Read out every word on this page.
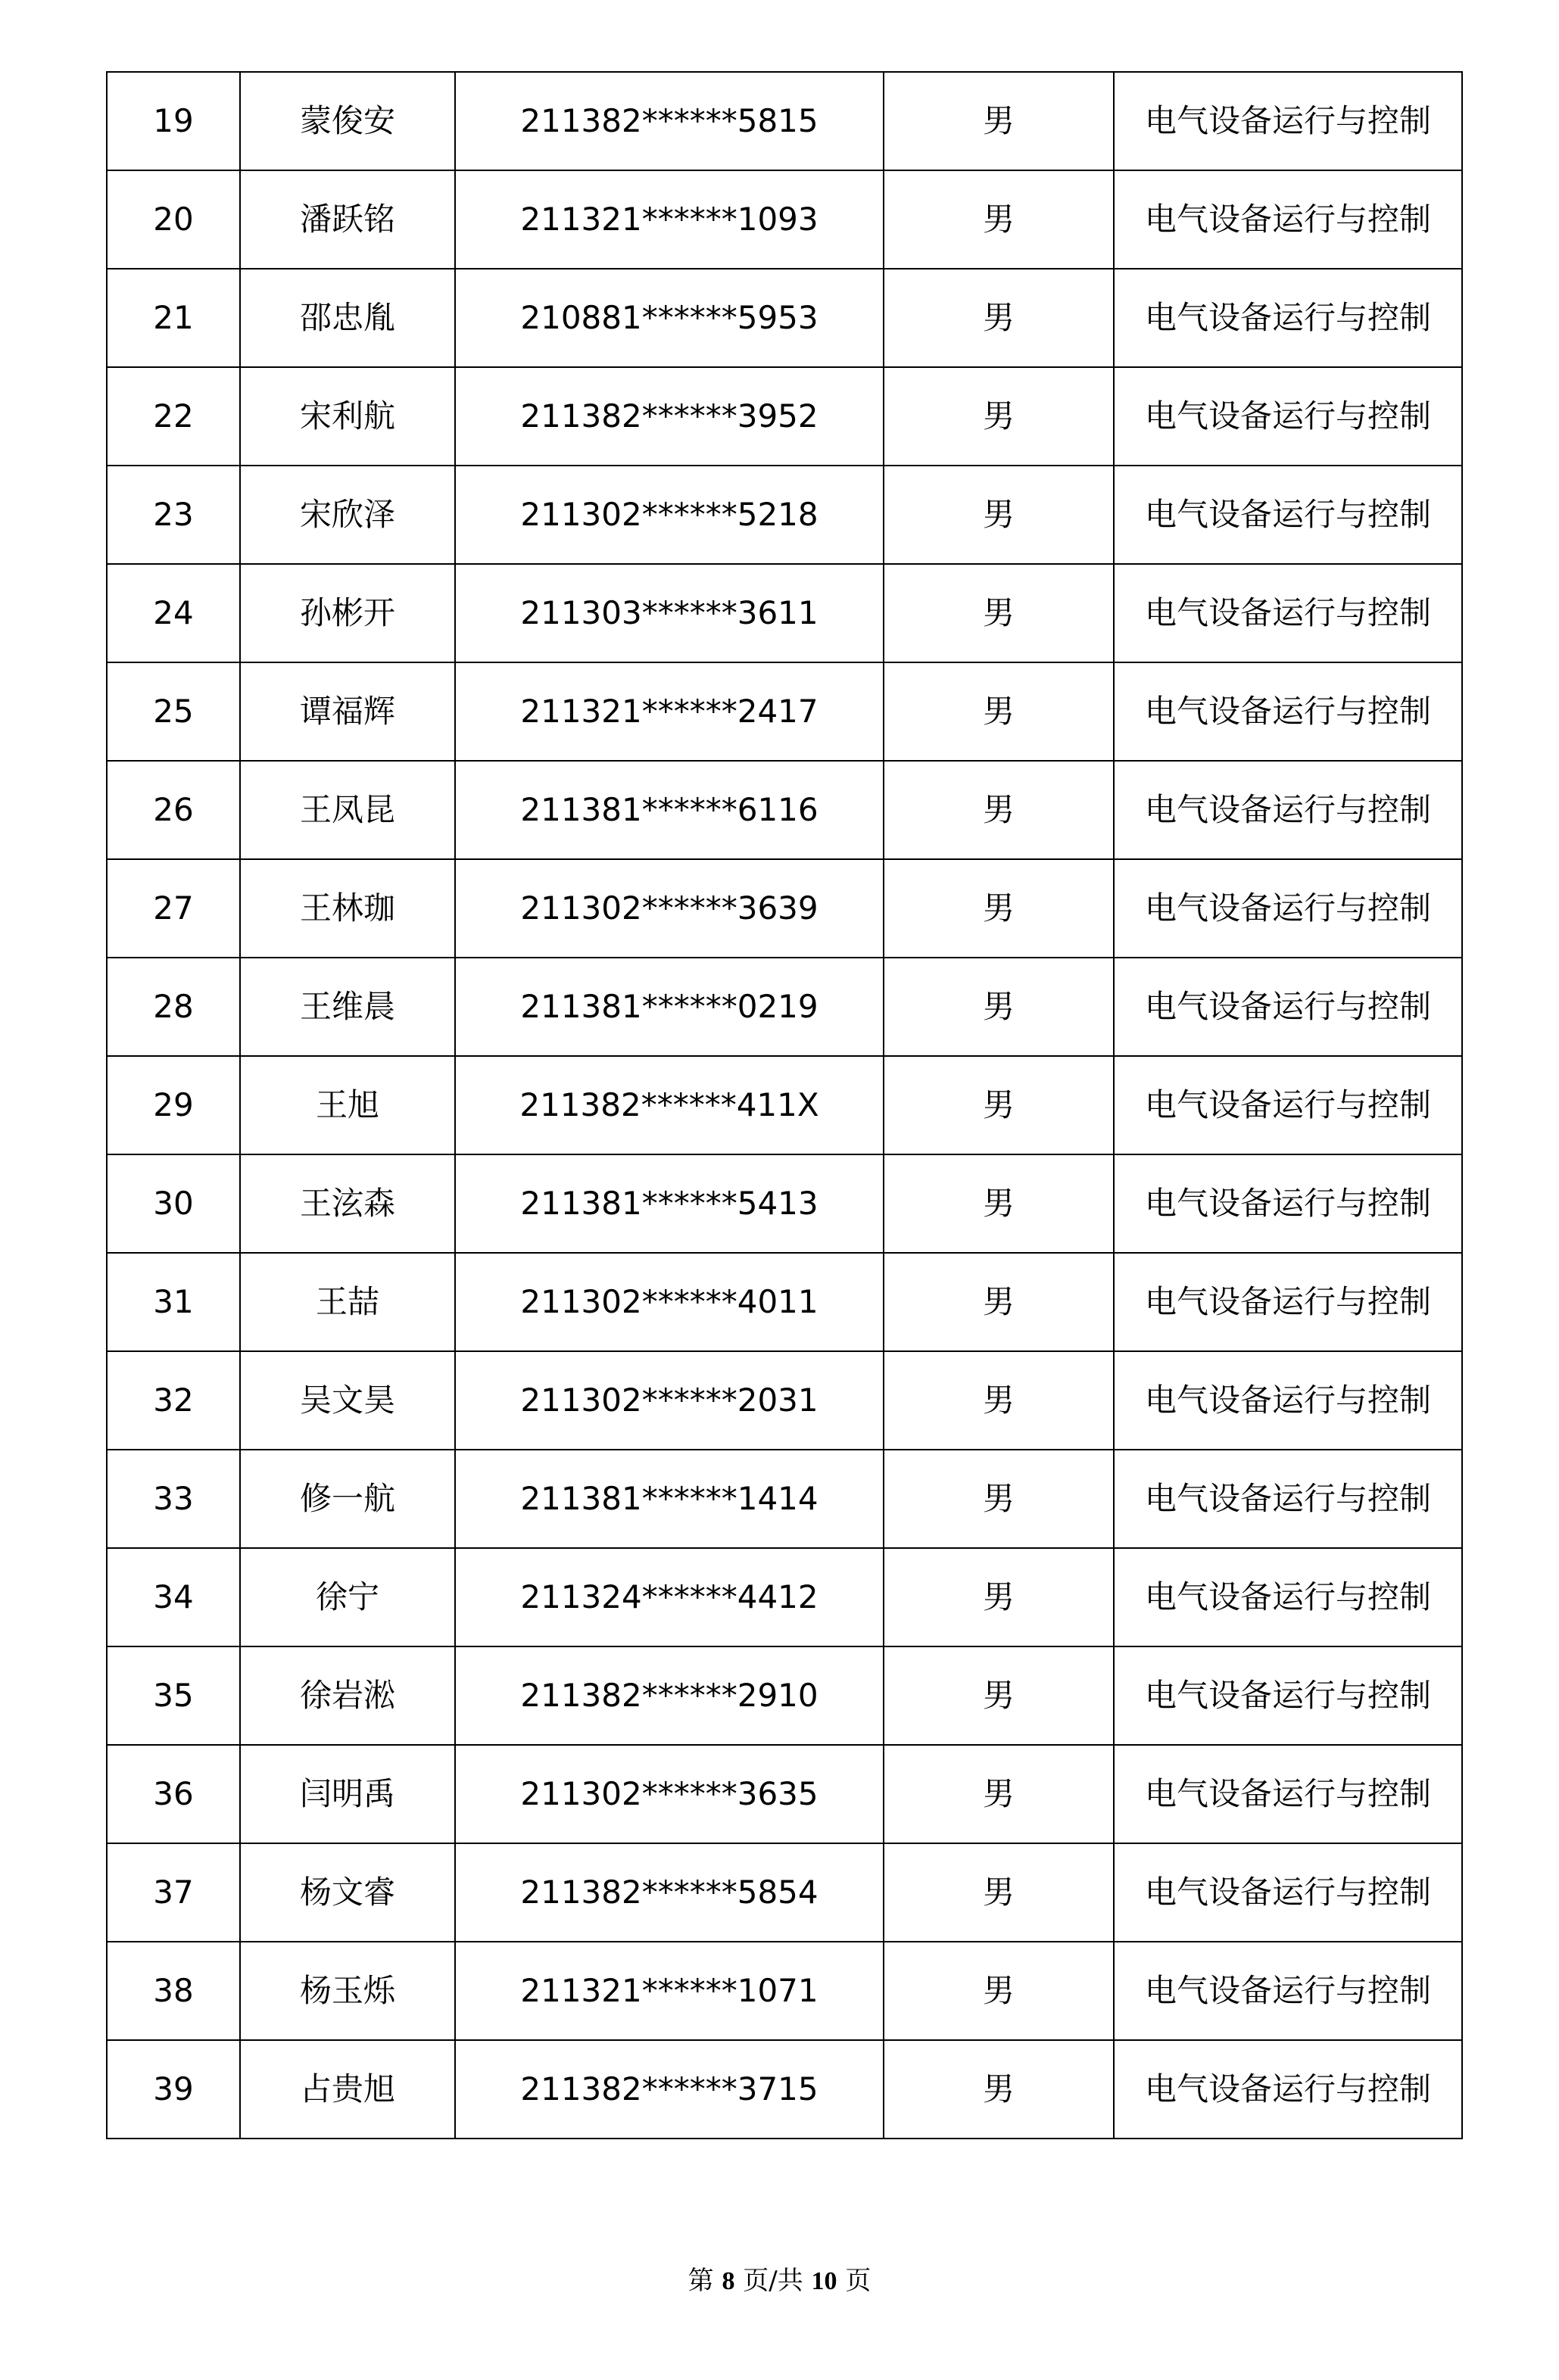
19	蒙俊安	211382******5815	男	电气设备运行与控制
20	潘跃铭	211321******1093	男	电气设备运行与控制
21	邵忠胤	210881******5953	男	电气设备运行与控制
22	宋利航	211382******3952	男	电气设备运行与控制
23	宋欣泽	211302******5218	男	电气设备运行与控制
24	孙彬开	211303******3611	男	电气设备运行与控制
25	谭福辉	211321******2417	男	电气设备运行与控制
26	王凤昆	211381******6116	男	电气设备运行与控制
27	王林珈	211302******3639	男	电气设备运行与控制
28	王维晨	211381******0219	男	电气设备运行与控制
29	王旭	211382******411X	男	电气设备运行与控制
30	王泫森	211381******5413	男	电气设备运行与控制
31	王喆	211302******4011	男	电气设备运行与控制
32	吴文昊	211302******2031	男	电气设备运行与控制
33	修一航	211381******1414	男	电气设备运行与控制
34	徐宁	211324******4412	男	电气设备运行与控制
35	徐岩淞	211382******2910	男	电气设备运行与控制
36	闫明禹	211302******3635	男	电气设备运行与控制
37	杨文睿	211382******5854	男	电气设备运行与控制
38	杨玉烁	211321******1071	男	电气设备运行与控制
39	占贵旭	211382******3715	男	电气设备运行与控制
第 8 页/共 10 页
